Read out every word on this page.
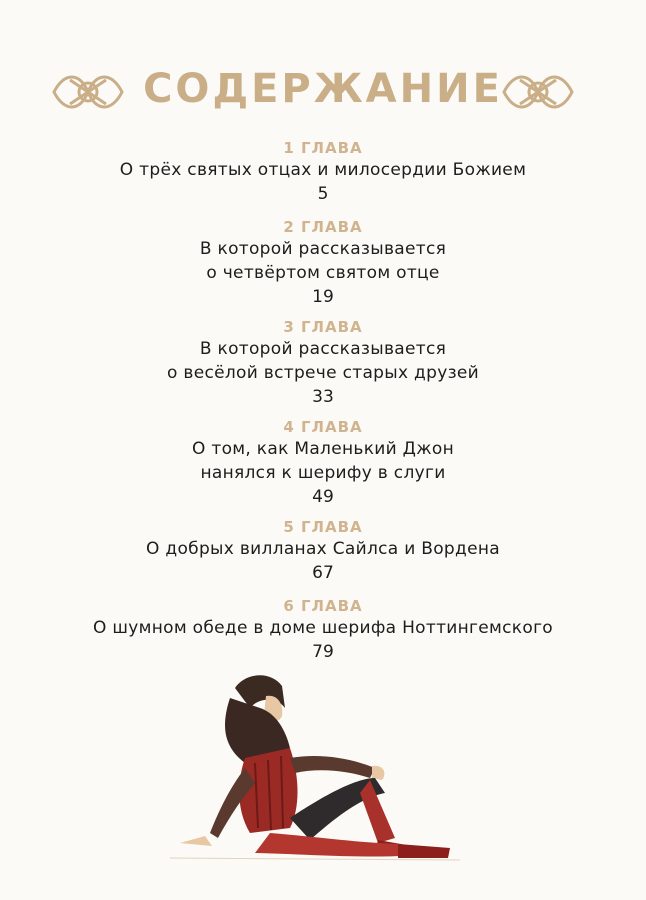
СОДЕРЖАНИЕ
1 ГЛАВА
О трёх святых отцах и милосердии Божием
5
2 ГЛАВА
В которой рассказывается
о четвёртом святом отце
19
3 ГЛАВА
В которой рассказывается
о весёлой встрече старых друзей
33
4 ГЛАВА
О том, как Маленький Джон
нанялся к шерифу в слуги
49
5 ГЛАВА
О добрых вилланах Сайлса и Вордена
67
6 ГЛАВА
О шумном обеде в доме шерифа Ноттингемского
79
